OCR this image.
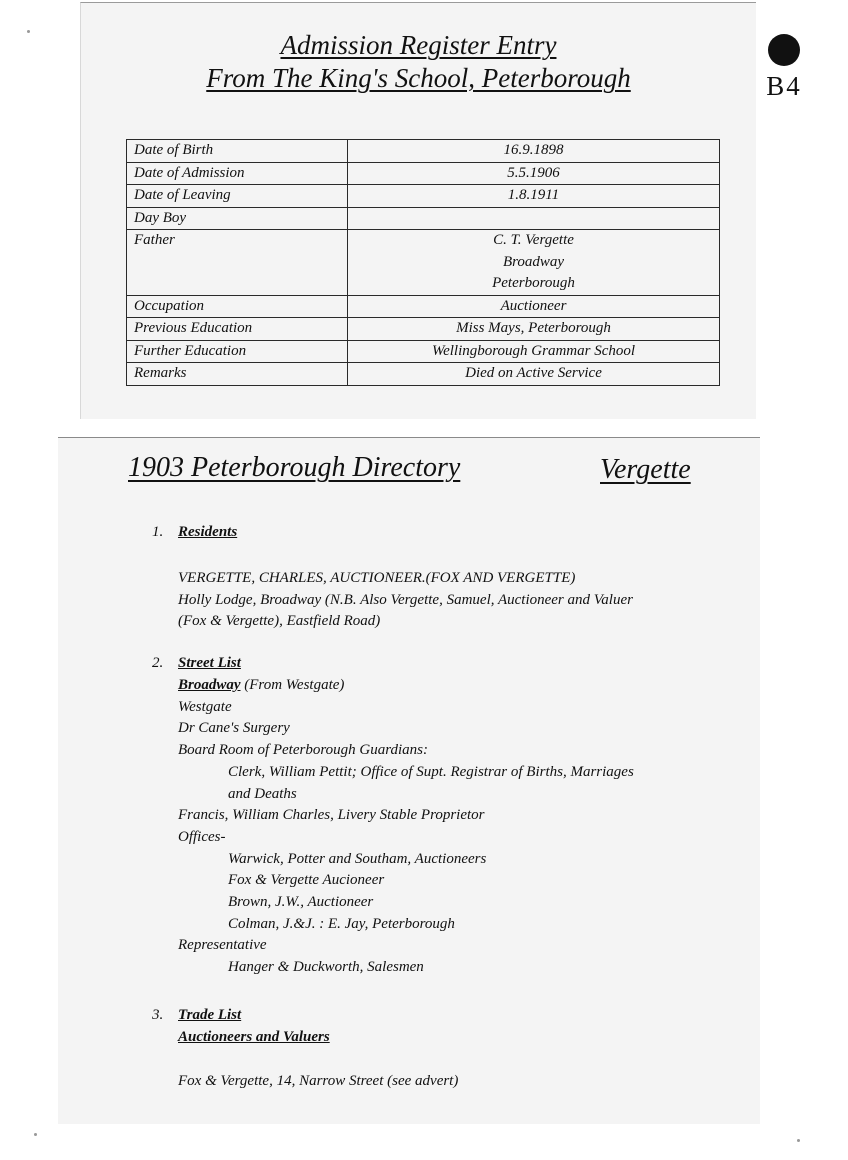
Admission Register Entry
From The King's School, Peterborough
Date of Birth	16.9.1898
Date of Admission	5.5.1906
Date of Leaving	1.8.1911
Day Boy	
Father	C. T. Vergette
Broadway
Peterborough

Occupation	Auctioneer
Previous Education	Miss Mays, Peterborough
Further Education	Wellingborough Grammar School
Remarks	Died on Active Service
B4
1903 Peterborough Directory	Vergette
1. Residents
VERGETTE, CHARLES, AUCTIONEER.(FOX AND VERGETTE)
Holly Lodge, Broadway (N.B. Also Vergette, Samuel, Auctioneer and Valuer
(Fox & Vergette), Eastfield Road)
2. Street List
Broadway (From Westgate)
Westgate
Dr Cane's Surgery
Board Room of Peterborough Guardians:
Clerk, William Pettit; Office of Supt. Registrar of Births, Marriages
and Deaths
Francis, William Charles, Livery Stable Proprietor
Offices-
Warwick, Potter and Southam, Auctioneers
Fox & Vergette Aucioneer
Brown, J.W., Auctioneer
Colman, J.&J. : E. Jay, Peterborough
Representative
Hanger & Duckworth, Salesmen
3. Trade List
Auctioneers and Valuers
Fox & Vergette, 14, Narrow Street (see advert)
